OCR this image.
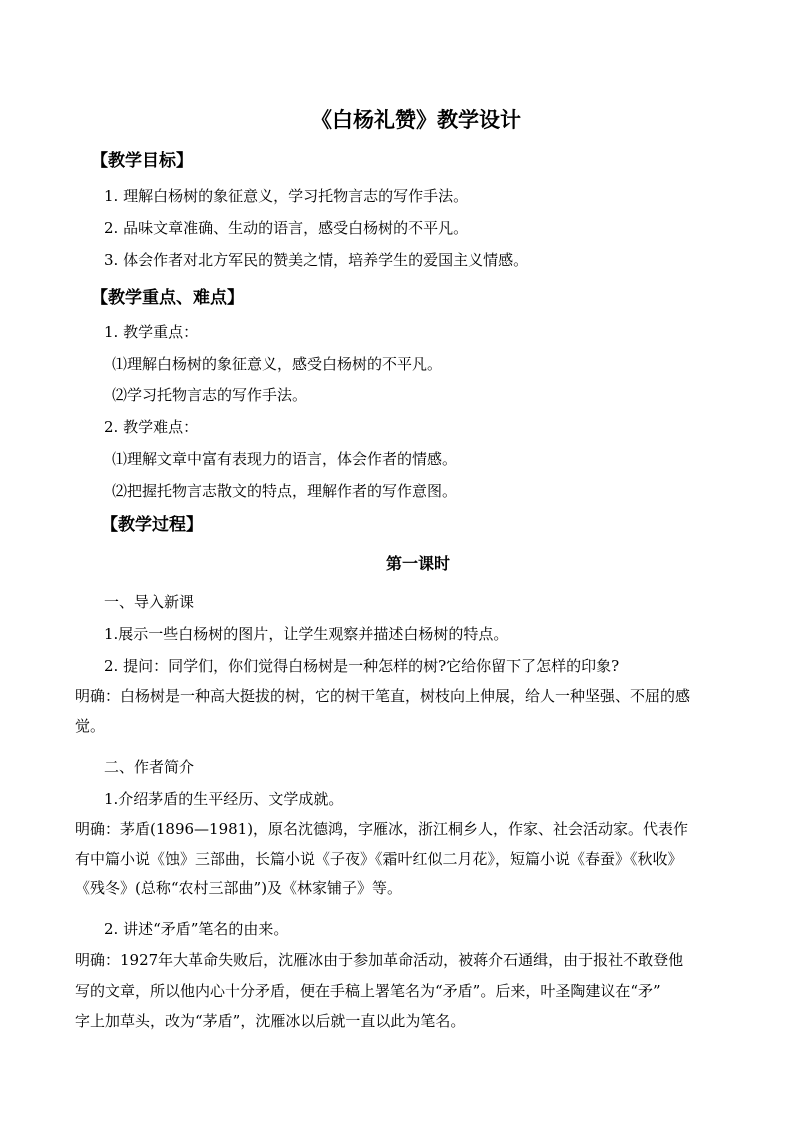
《白杨礼赞》教学设计
【教学目标】
1. 理解白杨树的象征意义，学习托物言志的写作手法。
2. 品味文章准确、生动的语言，感受白杨树的不平凡。
3. 体会作者对北方军民的赞美之情，培养学生的爱国主义情感。
【教学重点、难点】
1. 教学重点：
⑴理解白杨树的象征意义，感受白杨树的不平凡。
⑵学习托物言志的写作手法。
2. 教学难点：
⑴理解文章中富有表现力的语言，体会作者的情感。
⑵把握托物言志散文的特点，理解作者的写作意图。
【教学过程】
第一课时
一、导入新课
1.展示一些白杨树的图片，让学生观察并描述白杨树的特点。
2. 提问：同学们，你们觉得白杨树是一种怎样的树?它给你留下了怎样的印象?
明确：白杨树是一种高大挺拔的树，它的树干笔直，树枝向上伸展，给人一种坚强、不屈的感
觉。
二、作者简介
1.介绍茅盾的生平经历、文学成就。
明确：茅盾(1896—1981)，原名沈德鸿，字雁冰，浙江桐乡人，作家、社会活动家。代表作
有中篇小说《蚀》三部曲，长篇小说《子夜》《霜叶红似二月花》，短篇小说《春蚕》《秋收》
《残冬》(总称“农村三部曲”)及《林家铺子》等。
2. 讲述“矛盾”笔名的由来。
明确：1927年大革命失败后，沈雁冰由于参加革命活动，被蒋介石通缉，由于报社不敢登他
写的文章，所以他内心十分矛盾，便在手稿上署笔名为“矛盾”。后来，叶圣陶建议在“矛”
字上加草头，改为“茅盾”，沈雁冰以后就一直以此为笔名。
